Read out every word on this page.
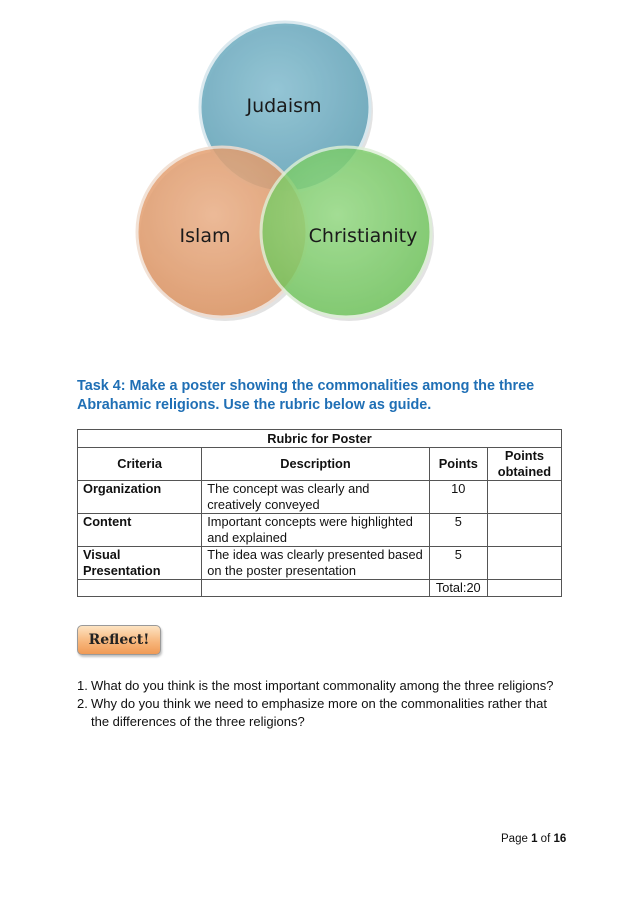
Judaism
Islam	Christianity
Task 4: Make a poster showing the commonalities among the three Abrahamic religions. Use the rubric below as guide.
Rubric for Poster			
Criteria	Description	Points	Points obtained
Organization	The concept was clearly and creatively conveyed	10	
Content	Important concepts were highlighted and explained	5	
Visual Presentation	The idea was clearly presented based on the poster presentation	5	
		Total:20	
Reflect!
1. What do you think is the most important commonality among the three religions?
2. Why do you think we need to emphasize more on the commonalities rather that the differences of the three religions?
Page 1 of 16
